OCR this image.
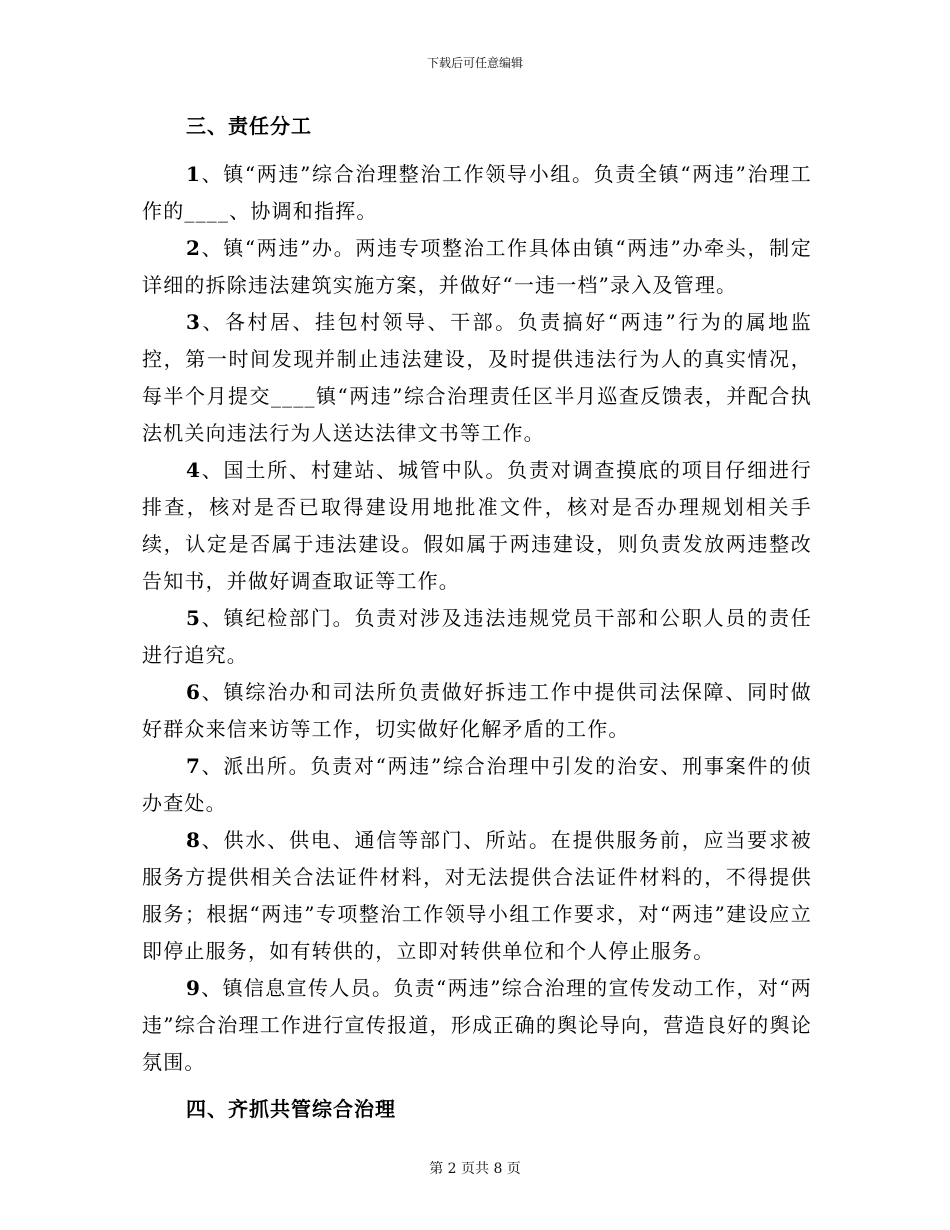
下载后可任意编辑
三、责任分工

1、镇“两违”综合治理整治工作领导小组。负责全镇“两违”治理工作的____、协调和指挥。

2、镇“两违”办。两违专项整治工作具体由镇“两违”办牵头，制定详细的拆除违法建筑实施方案，并做好“一违一档”录入及管理。

3、各村居、挂包村领导、干部。负责搞好“两违”行为的属地监控，第一时间发现并制止违法建设，及时提供违法行为人的真实情况，每半个月提交____镇“两违”综合治理责任区半月巡查反馈表，并配合执法机关向违法行为人送达法律文书等工作。

4、国土所、村建站、城管中队。负责对调查摸底的项目仔细进行排查，核对是否已取得建设用地批准文件，核对是否办理规划相关手续，认定是否属于违法建设。假如属于两违建设，则负责发放两违整改告知书，并做好调查取证等工作。

5、镇纪检部门。负责对涉及违法违规党员干部和公职人员的责任进行追究。

6、镇综治办和司法所负责做好拆违工作中提供司法保障、同时做好群众来信来访等工作，切实做好化解矛盾的工作。

7、派出所。负责对“两违”综合治理中引发的治安、刑事案件的侦办查处。

8、供水、供电、通信等部门、所站。在提供服务前，应当要求被服务方提供相关合法证件材料，对无法提供合法证件材料的，不得提供服务；根据“两违”专项整治工作领导小组工作要求，对“两违”建设应立即停止服务，如有转供的，立即对转供单位和个人停止服务。

9、镇信息宣传人员。负责“两违”综合治理的宣传发动工作，对“两违”综合治理工作进行宣传报道，形成正确的舆论导向，营造良好的舆论氛围。

四、齐抓共管综合治理
第 2 页共 8 页
